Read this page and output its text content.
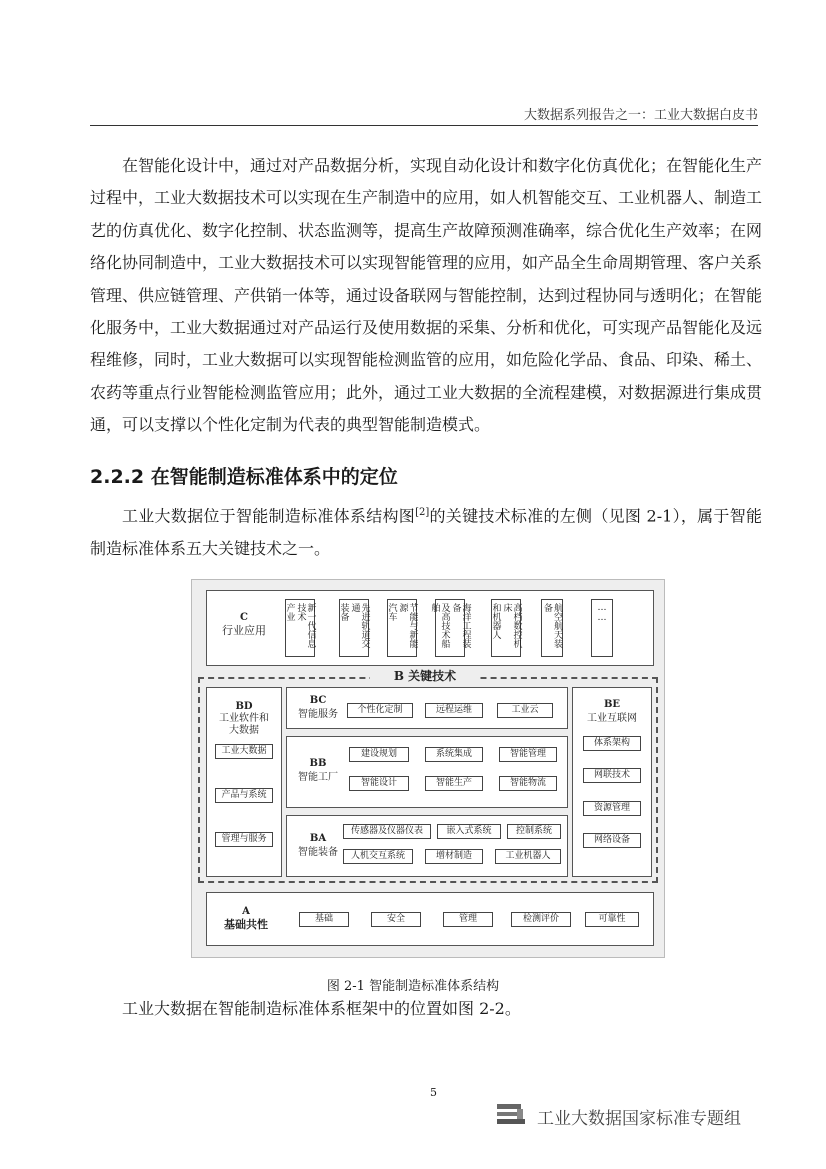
大数据系列报告之一：工业大数据白皮书

在智能化设计中，通过对产品数据分析，实现自动化设计和数字化仿真优化；在智能化生产过程中，工业大数据技术可以实现在生产制造中的应用，如人机智能交互、工业机器人、制造工艺的仿真优化、数字化控制、状态监测等，提高生产故障预测准确率，综合优化生产效率；在网络化协同制造中，工业大数据技术可以实现智能管理的应用，如产品全生命周期管理、客户关系管理、供应链管理、产供销一体等，通过设备联网与智能控制，达到过程协同与透明化；在智能化服务中，工业大数据通过对产品运行及使用数据的采集、分析和优化，可实现产品智能化及远程维修，同时，工业大数据可以实现智能检测监管的应用，如危险化学品、食品、印染、稀土、农药等重点行业智能检测监管应用；此外，通过工业大数据的全流程建模，对数据源进行集成贯通，可以支撑以个性化定制为代表的典型智能制造模式。

2.2.2 在智能制造标准体系中的定位

工业大数据位于智能制造标准体系结构图[2]的关键技术标准的左侧（见图 2-1），属于智能制造标准体系五大关键技术之一。

C
行业应用	新一代信息技术
产业	先进轨道交通
装备	节能与新能源
汽车	海洋工程装备
及高技术船舶	高档数控机床
和机器人	航空航天装备	……
B 关键技术
BD
工业软件和大数据
工业大数据
产品与系统
管理与服务
BC
智能服务	个性化定制	远程运维	工业云
BB
智能工厂
建设规划	系统集成	智能管理
智能设计	智能生产	智能物流
BA
智能装备
传感器及仪器仪表	嵌入式系统	控制系统
人机交互系统	增材制造	工业机器人
BE
工业互联网
体系架构
网联技术
资源管理
网络设备
A
基础共性	基础	安全	管理	检测评价	可靠性
图 2-1 智能制造标准体系结构

工业大数据在智能制造标准体系框架中的位置如图 2-2。

5
工业大数据国家标准专题组
